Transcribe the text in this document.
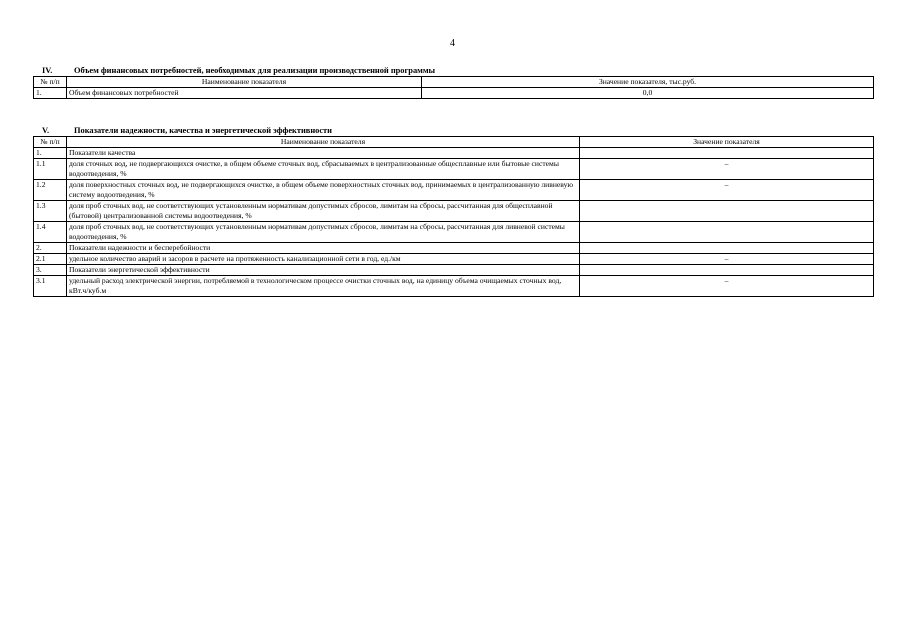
4
IV.	Объем финансовых потребностей, необходимых для реализации производственной программы
№ п/п	Наименование показателя	Значение показателя, тыс.руб.
1.	Объем финансовых потребностей	0,0
V.	Показатели надежности, качества и энергетической эффективности
№ п/п	Наименование показателя	Значение показателя
1.	Показатели качества	
1.1	доля сточных вод, не подвергающихся очистке, в общем объеме сточных вод, сбрасываемых в централизованные общесплавные или бытовые системы водоотведения, %	–
1.2	доля поверхностных сточных вод, не подвергающихся очистке, в общем объеме поверхностных сточных вод, принимаемых в централизованную ливневую систему водоотведения, %	–
1.3	доля проб сточных вод, не соответствующих установленным нормативам допустимых сбросов, лимитам на сбросы, рассчитанная для общесплавной (бытовой) централизованной системы водоотведения, %	
1.4	доля проб сточных вод, не соответствующих установленным нормативам допустимых сбросов, лимитам на сбросы, рассчитанная для ливневой системы водоотведения, %	
2.	Показатели надежности и бесперебойности	
2.1	удельное количество аварий и засоров в расчете на протяженность канализационной сети в год, ед./км	–
3.	Показатели энергетической эффективности	
3.1	удельный расход электрической энергии, потребляемой в технологическом процессе очистки сточных вод, на единицу объема очищаемых сточных вод, кВт.ч/куб.м	–
